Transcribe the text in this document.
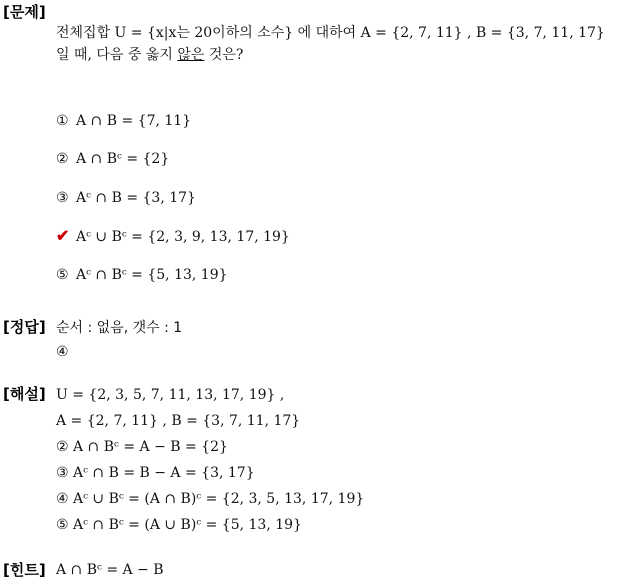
[문제]
전체집합 U = {x|x는 20이하의 소수} 에 대하여 A = {2, 7, 11} , B = {3, 7, 11, 17}
일 때, 다음 중 옳지 않은 것은?
① A ∩ B = {7, 11}
② A ∩ Bᶜ = {2}
③ Aᶜ ∩ B = {3, 17}
✔ Aᶜ ∪ Bᶜ = {2, 3, 9, 13, 17, 19}
⑤ Aᶜ ∩ Bᶜ = {5, 13, 19}
[정답] 순서 : 없음, 갯수 : 1
④
[해설] U = {2, 3, 5, 7, 11, 13, 17, 19} ,
A = {2, 7, 11} , B = {3, 7, 11, 17}
② A ∩ Bᶜ = A − B = {2}
③ Aᶜ ∩ B = B − A = {3, 17}
④ Aᶜ ∪ Bᶜ = (A ∩ B)ᶜ = {2, 3, 5, 13, 17, 19}
⑤ Aᶜ ∩ Bᶜ = (A ∪ B)ᶜ = {5, 13, 19}
[힌트] A ∩ Bᶜ = A − B
